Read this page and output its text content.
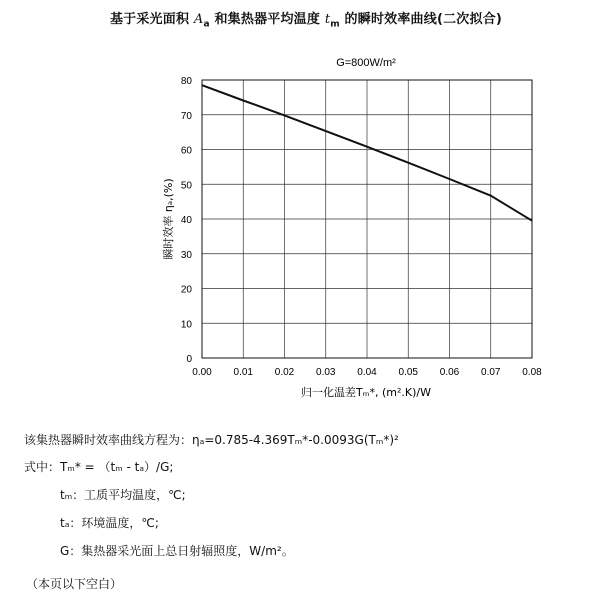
基于采光面积 $A_a$ 和集热器平均温度 $t_m$ 的瞬时效率曲线(二次拟合)
G=800W/m²
0.00 0.01 0.02 0.03 0.04 0.05 0.06 0.07 0.08
0
10
20
30
40
50
60
70
80
归一化温差Tₘ*, (m².K)/W
瞬时效率 ηₐ,(%)
该集热器瞬时效率曲线方程为：ηₐ=0.785-4.369Tₘ*-0.0093G(Tₘ*)²
式中：Tₘ* = （tₘ - tₐ）/G;
tₘ：工质平均温度，℃;
tₐ：环境温度，℃;
G：集热器采光面上总日射辐照度，W/m²。
（本页以下空白）
